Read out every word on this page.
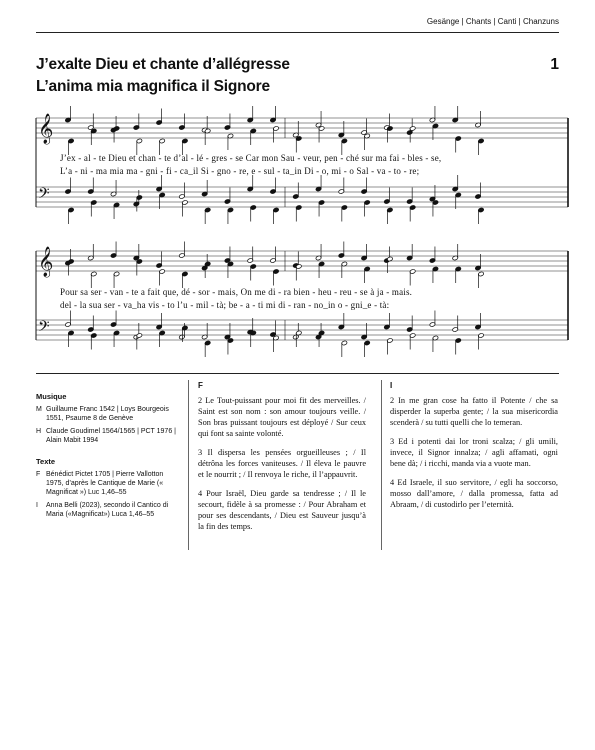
Gesänge | Chants | Canti | Chanzuns
J’exalte Dieu et chante d’allégresse
L’anima mia magnifica il Signore
1
𝄞
𝄢
𝄞
𝄢
J’ex - al - te Dieu et chan - te d’al - lé - gres - se Car mon Sau - veur, pen - ché sur ma fai - bles - se,
L’a - ni - ma mia ma - gni - fi - ca_il Si - gno - re, e - sul - ta_in Di - o, mi - o Sal - va - to - re;
Pour sa ser - van - te a fait que, dé - sor - mais, On me di - ra bien - heu - reu - se à ja - mais.
del - la sua ser - va_ha vis - to l’u - mil - tà; be - a - ti mi di - ran - no_in o - gni_e - tà:
Musique
M Guillaume Franc 1542 | Loys Bourgeois 1551, Psaume 8 de Genève
H Claude Goudimel 1564/1565 | PCT 1976 | Alain Mabit 1994
Texte
F Bénédict Pictet 1705 | Pierre Vallotton 1975, d’après le Cantique de Marie (« Magnificat ») Luc 1,46–55
I	Anna Belli (2023), secondo il Cantico di Maria («Magnificat») Luca 1,46–55
F

2 Le Tout-puissant pour moi fit des merveilles. / Saint est son nom : son amour toujours veille. / Son bras puissant toujours est déployé / Sur ceux qui font sa sainte volonté.

3 Il dispersa les pensées orgueilleuses ; / Il détrôna les forces vaniteuses. / Il éleva le pauvre et le nourrit ; / Il renvoya le riche, il l’appauvrit.

4 Pour Israël, Dieu garde sa tendresse ; / Il le secourt, fidèle à sa promesse : / Pour Abraham et pour ses descendants, / Dieu est Sauveur jusqu’à la fin des temps.

I

2 In me gran cose ha fatto il Potente / che sa disperder la superba gente; / la sua misericordia scenderà / su tutti quelli che lo temeran.

3 Ed i potenti dai lor troni scalza; / gli umili, invece, il Signor innalza; / agli affamati, ogni bene dà; / i ricchi, manda via a vuote man.

4 Ed Israele, il suo servitore, / egli ha soccorso, mosso dall’amore, / dalla promessa, fatta ad Abraam, / di custodirlo per l’eternità.
